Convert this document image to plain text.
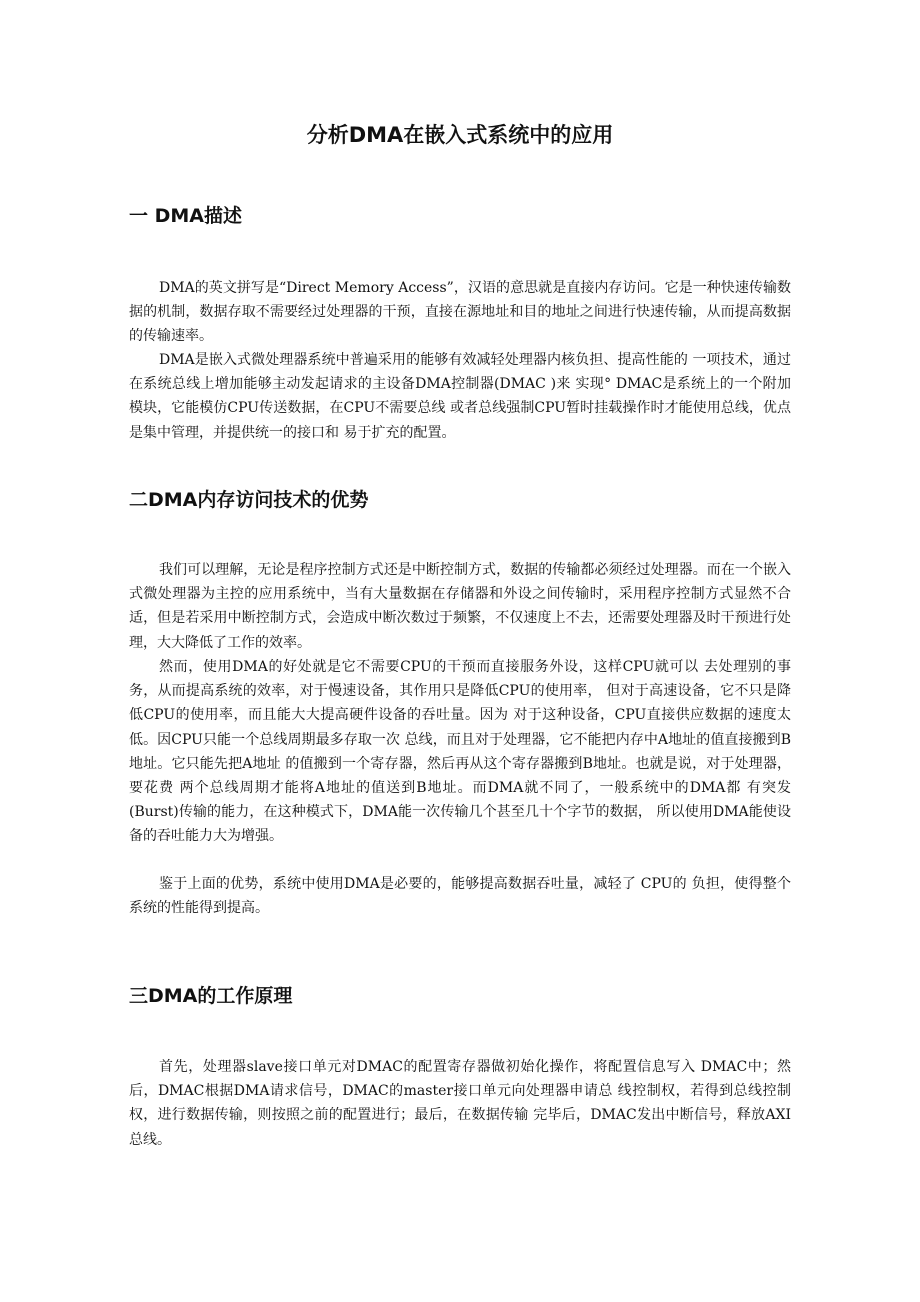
分析DMA在嵌入式系统中的应用
一 DMA描述

DMA的英文拼写是“Direct Memory Access”，汉语的意思就是直接内存访问。它是一种快速传输数据的机制，数据存取不需要经过处理器的干预，直接在源地址和目的地址之间进行快速传输，从而提高数据的传输速率。

DMA是嵌入式微处理器系统中普遍采用的能够有效减轻处理器内核负担、提高性能的 一项技术，通过在系统总线上增加能够主动发起请求的主设备DMA控制器(DMAC )来 实现° DMAC是系统上的一个附加模块，它能模仿CPU传送数据，在CPU不需要总线 或者总线强制CPU暂时挂载操作时才能使用总线，优点是集中管理，并提供统一的接口和 易于扩充的配置。

二DMA内存访问技术的优势

我们可以理解，无论是程序控制方式还是中断控制方式，数据的传输都必须经过处理器。而在一个嵌入式微处理器为主控的应用系统中，当有大量数据在存储器和外设之间传输时，采用程序控制方式显然不合适，但是若采用中断控制方式，会造成中断次数过于频繁，不仅速度上不去，还需要处理器及时干预进行处理，大大降低了工作的效率。

然而，使用DMA的好处就是它不需要CPU的干预而直接服务外设，这样CPU就可以 去处理别的事务，从而提高系统的效率，对于慢速设备，其作用只是降低CPU的使用率， 但对于高速设备，它不只是降低CPU的使用率，而且能大大提高硬件设备的吞吐量。因为 对于这种设备，CPU直接供应数据的速度太低。因CPU只能一个总线周期最多存取一次 总线，而且对于处理器，它不能把内存中A地址的值直接搬到B地址。它只能先把A地址 的值搬到一个寄存器，然后再从这个寄存器搬到B地址。也就是说，对于处理器，要花费 两个总线周期才能将A地址的值送到B地址。而DMA就不同了，一般系统中的DMA都 有突发(Burst)传输的能力，在这种模式下，DMA能一次传输几个甚至几十个字节的数据， 所以使用DMA能使设备的吞吐能力大为增强。

鉴于上面的优势，系统中使用DMA是必要的，能够提高数据吞吐量，减轻了 CPU的 负担，使得整个系统的性能得到提高。

三DMA的工作原理

首先，处理器slave接口单元对DMAC的配置寄存器做初始化操作，将配置信息写入 DMAC中；然后，DMAC根据DMA请求信号，DMAC的master接口单元向处理器申请总 线控制权，若得到总线控制权，进行数据传输，则按照之前的配置进行；最后，在数据传输 完毕后，DMAC发出中断信号，释放AXI总线。
